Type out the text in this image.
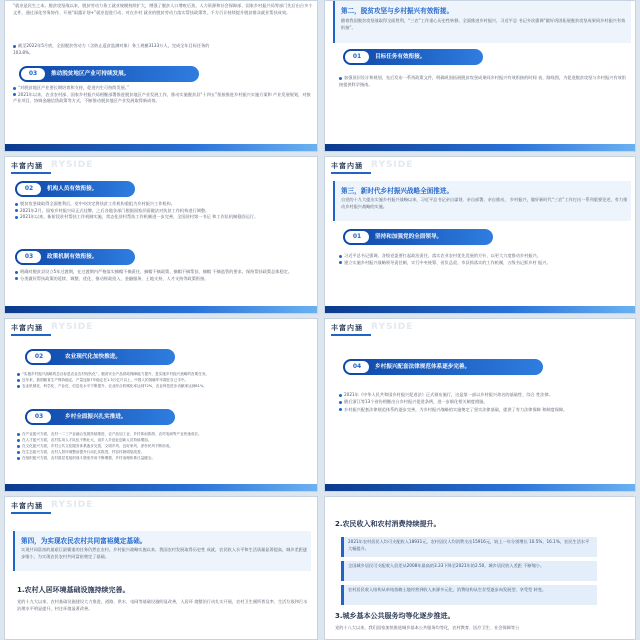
“就业是民生之本。脱贫攻坚战以来，脱贫劳动力务工就业规模持续扩大，增强了脱贫人口增收后劲。人力资源和社会保障部、国家乡村振兴局等部门先后出台多个文件，通过深化劳务协作、开展“雨露计划+”就业促进行动、对在乡村 就业的脱贫劳动力落实帮扶政策等，千方百计持续提升脱贫群众就业帮扶成效。
截至2022年5月底，全国脱贫劳动力（含防止返贫监测对象）务工规模3133万人，完成全年目标任务的
103.8%。
03	推动脱贫地区产业可持续发展。
“对脱贫地区产业要长期培育和支持，促进内生可持续发展。”
2021年以来，农业农村部、国家乡村振兴局相继部署推进脱贫地区产业发展工作，推动实施脱贫县“十四五”衔接推进乡村振兴实施方案和 产业发展规划，对接产业项目，协调金融信贷政策等方式，不断推动脱贫地区产业发展取得新成效。
第二，脱贫攻坚与乡村振兴有效衔接。
随着我国脱贫攻坚战取得全面胜利，“三农”工作重心历史性转移，全面推进乡村振兴，习近平总 书记多次强调“做好巩固拓展脱贫攻坚成果同乡村振兴有效衔接”。
01	目标任务有效衔接。
加强顶层设计和规划，先后发布一系列政策文件，明确巩固拓展脱贫攻坚成果同乡村振兴有效衔接的时间 表、路线图，为促进脱贫攻坚与乡村振兴有效衔接提供科学指南。
丰富内涵 RYSIDE
02	机构人员有效衔接。
脱贫攻坚战取得全面胜利后，党中央决定将扶贫工作机构重组为乡村振兴工作机构。
2021年2月，国家乡村振兴局正式挂牌，之后各地各部门根据国家层面做法对扶贫工作机构进行调整。
2021年以来，新阶段驻村帮扶工作机制实施，常态化驻村帮扶工作机制进一步完善，全国驻村第一书记 和工作队机制稳固运行。
03	政策机制有效衔接。
明确对脱贫县设立5年过渡期，在过渡期内严格落实摘帽不摘责任、摘帽不摘政策、摘帽不摘帮扶、摘帽 不摘监管的要求，保持帮扶政策总体稳定。
分类做好帮扶政策的延续、调整、优化、推动财政投入、金融服务、土地支持、人才支持等政策衔接。
丰富内涵 RYSIDE
第三，新时代乡村振兴战略全面推进。
自党的十九大提出实施乡村振兴战略以来，习近平总书记亲自谋划、亲自部署、亲自推动， 乡村振兴，做好新时代“三农”工作打出一系列重要论述，有力推动乡村振兴战略的实施。
01	坚持和加强党的全面领导。
习近平总书记强调，各级党委要扛起政治责任，落实农业农村优先发展的方针，以更大力度推动乡村振兴。
建立实施乡村振兴战略领导责任制，实行中央统筹、省负总责、市县抓落实的工作机制，五级书记抓乡村 振兴。
丰富内涵 RYSIDE
02	农业现代化加快推进。
“实施乡村振兴战略的总目标是农业农村现代化”，粮食安全产品供给保障能力提升，是实施乡村振兴战略的首要任务。
近年来，我国粮食生产保持稳定，产量连续7年稳定在1.3万亿斤以上，中国人的饭碗牢牢端在自己手中。
农业机械化、科学化、产业化、信息化水平不断提升，农业综合机械化率达到72%，农业科技进步贡献率达到61%。
03	乡村全面振兴扎实推进。
在产业振兴方面，农村一二三产业融合发展持续推进，农产品加工业、乡村休闲旅游、农村电商等产业快速成长。
在人才振兴方面，农村实用人才队伍不断壮大，返乡入乡创业创新人员持续增加。
在文化振兴方面，乡村公共文化服务体系逐步完善，文明乡风、良好家风、淳朴民风不断形成。
在生态振兴方面，农村人居环境整治提升行动扎实推进，村容村貌明显改善。
在组织振兴方面，农村基层党组织战斗堡垒作用不断增强，乡村治理体系日益健全。
丰富内涵 RYSIDE
04	乡村振兴配套法律规范体系逐步完善。
2021年《中华人民共和国乡村振兴促进法》正式颁布施行，这是第一部以乡村振兴命名的基础性、综合 性法律。
随后浙江等13个省份相继出台乡村振兴促进条例，进一步细化相关制度措施。
乡村振兴配套法律规范体系的逐步完善，为乡村振兴战略的实施奠定了坚实法律基础，提供了有力法律保障 和制度保障。
丰富内涵 RYSIDE
第四，为实现农民农村共同富裕奠定基础。
实现共同富裕的最艰巨最繁重的任务仍然在农村。乡村振兴战略实施以来，我国农村发展取得历史性 成就，农民收入水平和生活质量显著提高，城乡差距逐步缩小，为实现农民农村共同富裕奠定了基础。
1.农村人居环境基础设施持续完善。
党的十九大以来，农村基础设施建设大力推进，道路、供水、电网等基础设施明显改善，人居环 境整治行动扎实开展，农村卫生厕所普及率、生活垃圾和污水治理水平明显提升，村庄环境显著改善。
2.农民收入和农村消费持续提升。
2021年农村居民人均可支配收入18931元，农村居民人均消费支出15916元，较上一年分别增长 10.5%、16.1%，农民生活水平大幅提升。
全国城乡居民可支配收入倍差从2008年最高的3.33下降至2021年的2.50，城乡居民收入差距 不断缩小。
农村居民收入结构从单纯依赖土地经营到收入来源多元化，消费结构从生存型逐步向发展型、享受型 转变。
3.城乡基本公共服务均等化逐步推进。
党的十八大以来，我们国家加快推进城乡基本公共服务均等化，农村教育、医疗卫生、社会保障等公
